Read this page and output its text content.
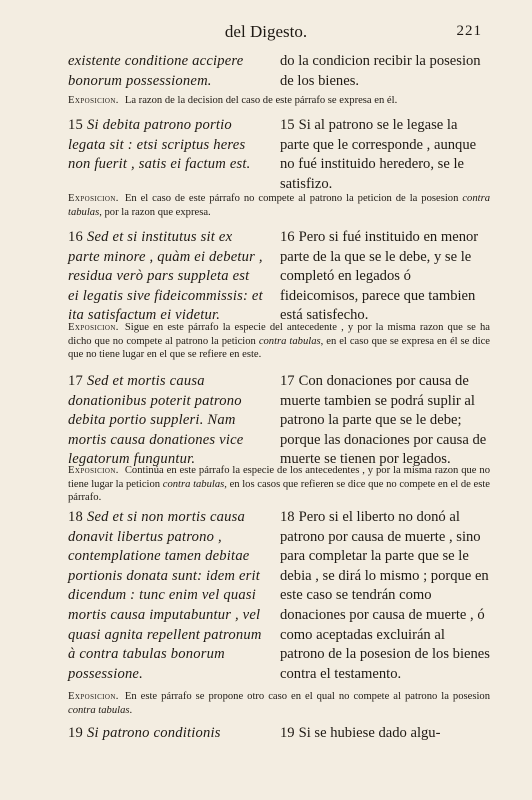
del Digesto.	221

existente conditione accipere bonorum possessionem.

do la condicion recibir la posesion de los bienes.

Exposicion. La razon de la decision del caso de este párrafo se expresa en él.

15 Si debita patrono portio legata sit : etsi scriptus heres non fuerit , satis ei factum est.

15 Si al patrono se le legase la parte que le corresponde , aunque no fué instituido heredero, se le satisfizo.

Exposicion. En el caso de este párrafo no compete al patrono la peticion de la posesion contra tabulas, por la razon que expresa.

16 Sed et si institutus sit ex parte minore , quàm ei debetur , residua verò pars suppleta est ei legatis sive fideicommissis: et ita satisfactum ei videtur.

16 Pero si fué instituido en menor parte de la que se le debe, y se le completó en legados ó fideicomisos, parece que tambien está satisfecho.

Exposicion. Sigue en este párrafo la especie del antecedente , y por la misma razon que se ha dicho que no compete al patrono la peticion contra tabulas, en el caso que se expresa en él se dice que no tiene lugar en el que se refiere en este.

17 Sed et mortis causa donationibus poterit patrono debita portio suppleri. Nam mortis causa donationes vice legatorum funguntur.

17 Con donaciones por causa de muerte tambien se podrá suplir al patrono la parte que se le debe; porque las donaciones por causa de muerte se tienen por legados.

Exposicion. Continúa en este párrafo la especie de los antecedentes , y por la misma razon que no tiene lugar la peticion contra tabulas, en los casos que refieren se dice que no compete en el de este párrafo.

18 Sed et si non mortis causa donavit libertus patrono , contemplatione tamen debitae portionis donata sunt: idem erit dicendum : tunc enim vel quasi mortis causa imputabuntur , vel quasi agnita repellent patronum à contra tabulas bonorum possessione.

18 Pero si el liberto no donó al patrono por causa de muerte , sino para completar la parte que se le debia , se dirá lo mismo ; porque en este caso se tendrán como donaciones por causa de muerte , ó como aceptadas excluirán al patrono de la posesion de los bienes contra el testamento.

Exposicion. En este párrafo se propone otro caso en el qual no compete al patrono la posesion contra tabulas.

19 Si patrono conditionis	19 Si se hubiese dado algu-
